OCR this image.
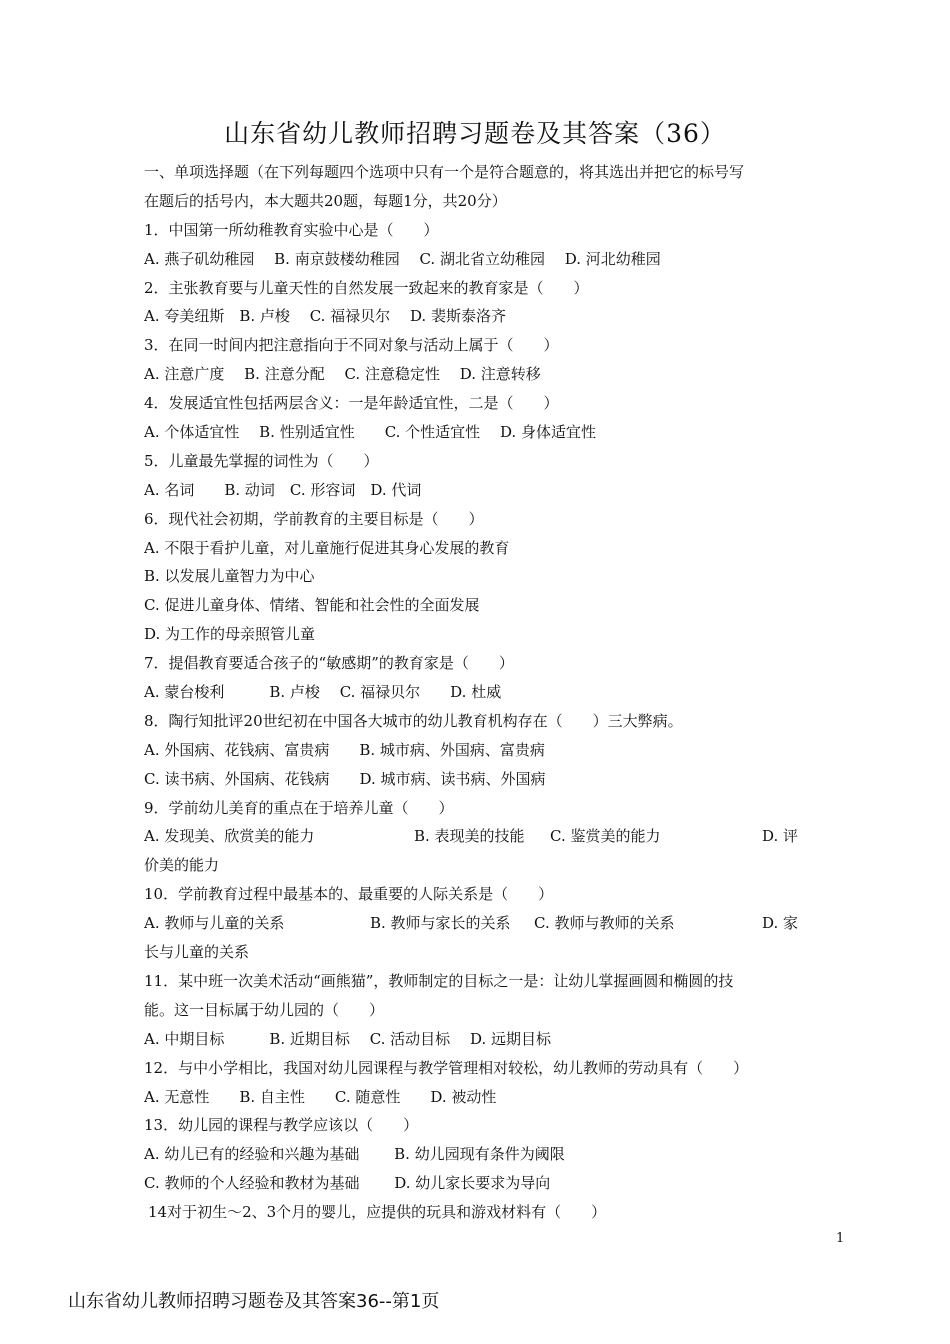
山东省幼儿教师招聘习题卷及其答案（36）
一、单项选择题（在下列每题四个选项中只有一个是符合题意的，将其选出并把它的标号写
在题后的括号内，本大题共20题，每题1分，共20分）
1．中国第一所幼稚教育实验中心是（　　）
A. 燕子矶幼稚园　 B. 南京鼓楼幼稚园　 C. 湖北省立幼稚园　 D. 河北幼稚园
2．主张教育要与儿童天性的自然发展一致起来的教育家是（　　）
A. 夸美纽斯　B. 卢梭　 C. 福禄贝尔　 D. 裴斯泰洛齐
3．在同一时间内把注意指向于不同对象与活动上属于（　　）
A. 注意广度　 B. 注意分配　 C. 注意稳定性　 D. 注意转移
4．发展适宜性包括两层含义：一是年龄适宜性，二是（　　）
A. 个体适宜性　 B. 性别适宜性　　C. 个性适宜性　 D. 身体适宜性
5．儿童最先掌握的词性为（　　）
A. 名词　　B. 动词　C. 形容词　D. 代词
6．现代社会初期，学前教育的主要目标是（　　）
A. 不限于看护儿童，对儿童施行促进其身心发展的教育
B. 以发展儿童智力为中心
C. 促进儿童身体、情绪、智能和社会性的全面发展
D. 为工作的母亲照管儿童
7．提倡教育要适合孩子的“敏感期”的教育家是（　　）
A. 蒙台梭利　　　B. 卢梭　 C. 福禄贝尔　　D. 杜威
8．陶行知批评20世纪初在中国各大城市的幼儿教育机构存在（　　）三大弊病。
A. 外国病、花钱病、富贵病　　B. 城市病、外国病、富贵病
C. 读书病、外国病、花钱病　　D. 城市病、读书病、外国病
9．学前幼儿美育的重点在于培养儿童（　　）
A. 发现美、欣赏美的能力	B. 表现美的技能	C. 鉴赏美的能力	D. 评
价美的能力
10．学前教育过程中最基本的、最重要的人际关系是（　　）
A. 教师与儿童的关系	B. 教师与家长的关系	C. 教师与教师的关系	D. 家
长与儿童的关系
11．某中班一次美术活动“画熊猫”，教师制定的目标之一是：让幼儿掌握画圆和椭圆的技
能。这一目标属于幼儿园的（　　）
A. 中期目标　　　B. 近期目标　 C. 活动目标　 D. 远期目标
12．与中小学相比，我国对幼儿园课程与教学管理相对较松，幼儿教师的劳动具有（　　）
A. 无意性　　B. 自主性　　C. 随意性　　D. 被动性
13．幼儿园的课程与教学应该以（　　）
A. 幼儿已有的经验和兴趣为基础　　 B. 幼儿园现有条件为阈限
C. 教师的个人经验和教材为基础　　 D. 幼儿家长要求为导向
14对于初生～2、3个月的婴儿，应提供的玩具和游戏材料有（　　）
1
山东省幼儿教师招聘习题卷及其答案36--第1页
